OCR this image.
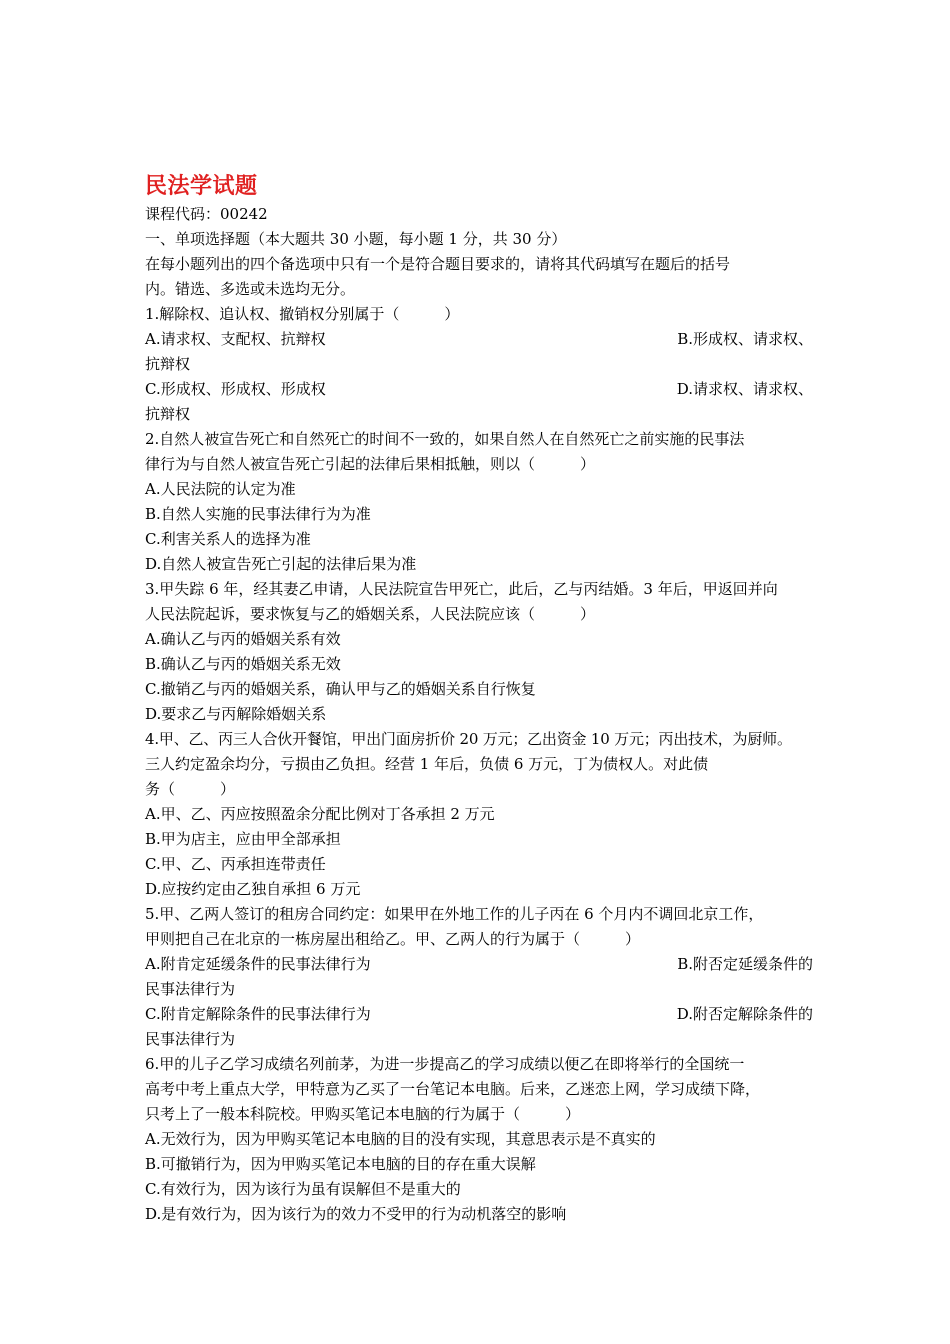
民法学试题
课程代码：00242
一、单项选择题（本大题共 30 小题，每小题 1 分，共 30 分）
在每小题列出的四个备选项中只有一个是符合题目要求的，请将其代码填写在题后的括号
内。错选、多选或未选均无分。
1.解除权、追认权、撤销权分别属于（　　　）
A.请求权、支配权、抗辩权	B.形成权、请求权、
抗辩权
C.形成权、形成权、形成权	D.请求权、请求权、
抗辩权
2.自然人被宣告死亡和自然死亡的时间不一致的，如果自然人在自然死亡之前实施的民事法
律行为与自然人被宣告死亡引起的法律后果相抵触，则以（　　　）
A.人民法院的认定为准
B.自然人实施的民事法律行为为准
C.利害关系人的选择为准
D.自然人被宣告死亡引起的法律后果为准
3.甲失踪 6 年，经其妻乙申请，人民法院宣告甲死亡，此后，乙与丙结婚。3 年后，甲返回并向
人民法院起诉，要求恢复与乙的婚姻关系，人民法院应该（　　　）
A.确认乙与丙的婚姻关系有效
B.确认乙与丙的婚姻关系无效
C.撤销乙与丙的婚姻关系，确认甲与乙的婚姻关系自行恢复
D.要求乙与丙解除婚姻关系
4.甲、乙、丙三人合伙开餐馆，甲出门面房折价 20 万元；乙出资金 10 万元；丙出技术，为厨师。
三人约定盈余均分，亏损由乙负担。经营 1 年后，负债 6 万元，丁为债权人。对此债
务（　　　）
A.甲、乙、丙应按照盈余分配比例对丁各承担 2 万元
B.甲为店主，应由甲全部承担
C.甲、乙、丙承担连带责任
D.应按约定由乙独自承担 6 万元
5.甲、乙两人签订的租房合同约定：如果甲在外地工作的儿子丙在 6 个月内不调回北京工作，
甲则把自己在北京的一栋房屋出租给乙。甲、乙两人的行为属于（　　　）
A.附肯定延缓条件的民事法律行为	B.附否定延缓条件的
民事法律行为
C.附肯定解除条件的民事法律行为	D.附否定解除条件的
民事法律行为
6.甲的儿子乙学习成绩名列前茅，为进一步提高乙的学习成绩以便乙在即将举行的全国统一
高考中考上重点大学，甲特意为乙买了一台笔记本电脑。后来，乙迷恋上网，学习成绩下降，
只考上了一般本科院校。甲购买笔记本电脑的行为属于（　　　）
A.无效行为，因为甲购买笔记本电脑的目的没有实现，其意思表示是不真实的
B.可撤销行为，因为甲购买笔记本电脑的目的存在重大误解
C.有效行为，因为该行为虽有误解但不是重大的
D.是有效行为，因为该行为的效力不受甲的行为动机落空的影响
